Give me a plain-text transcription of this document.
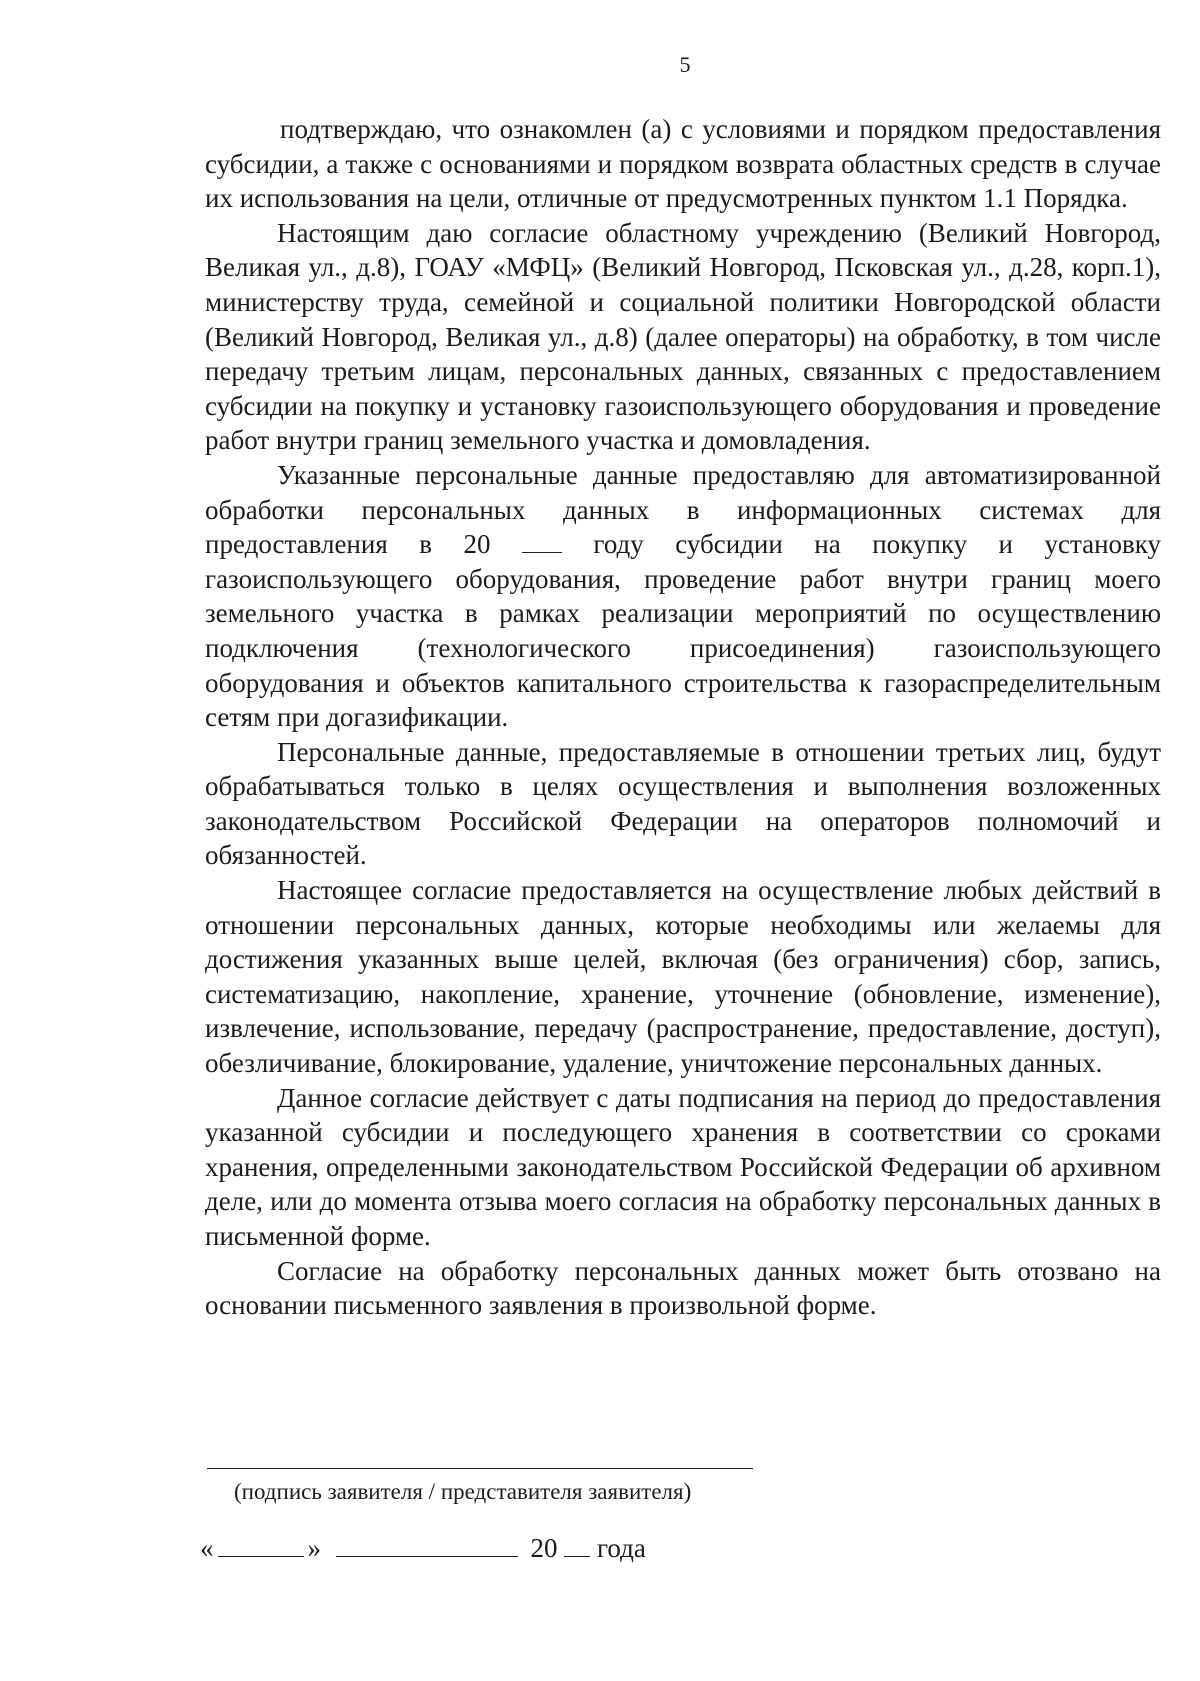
5

подтверждаю, что ознакомлен (а) с условиями и порядком предоставления субсидии, а также с основаниями и порядком возврата областных средств в случае их использования на цели, отличные от предусмотренных пунктом 1.1 Порядка.

Настоящим даю согласие областному учреждению (Великий Новгород, Великая ул., д.8), ГОАУ «МФЦ» (Великий Новгород, Псковская ул., д.28, корп.1), министерству труда, семейной и социальной политики Новгородской области (Великий Новгород, Великая ул., д.8) (далее операторы) на обработку, в том числе передачу третьим лицам, персональных данных, связанных с предоставлением субсидии на покупку и установку газоиспользующего оборудования и проведение работ внутри границ земельного участка и домовладения.

Указанные персональные данные предоставляю для автоматизированной обработки персональных данных в информационных системах для предоставления в 20	году субсидии на покупку и установку газоиспользующего оборудования, проведение работ внутри границ моего земельного участка в рамках реализации мероприятий по осуществлению подключения (технологического присоединения) газоиспользующего оборудования и объектов капитального строительства к газораспределительным сетям при догазификации.

Персональные данные, предоставляемые в отношении третьих лиц, будут обрабатываться только в целях осуществления и выполнения возложенных законодательством Российской Федерации на операторов полномочий и обязанностей.

Настоящее согласие предоставляется на осуществление любых действий в отношении персональных данных, которые необходимы или желаемы для достижения указанных выше целей, включая (без ограничения) сбор, запись, систематизацию, накопление, хранение, уточнение (обновление, изменение), извлечение, использование, передачу (распространение, предоставление, доступ), обезличивание, блокирование, удаление, уничтожение персональных данных.

Данное согласие действует с даты подписания на период до предоставления указанной субсидии и последующего хранения в соответствии со сроками хранения, определенными законодательством Российской Федерации об архивном деле, или до момента отзыва моего согласия на обработку персональных данных в письменной форме.

Согласие на обработку персональных данных может быть отозвано на основании письменного заявления в произвольной форме.

(подпись заявителя / представителя заявителя)

«	»	20 года
